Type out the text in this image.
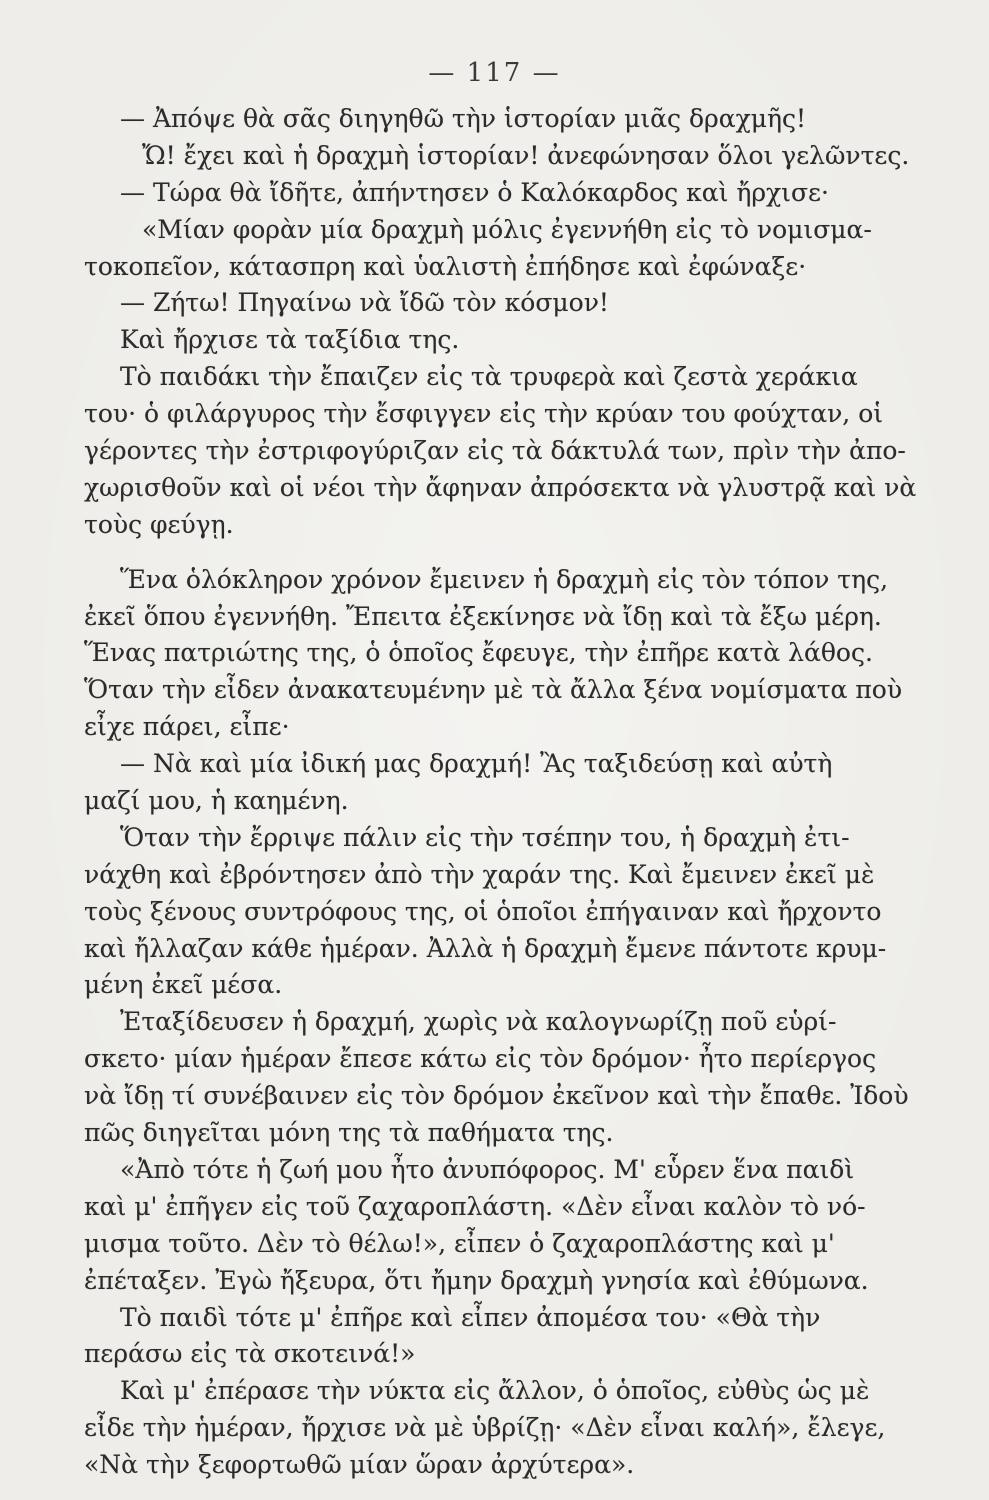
— 117 —
— Ἀπόψε θὰ σᾶς διηγηθῶ τὴν ἱστορίαν μιᾶς δραχμῆς!
Ὤ! ἔχει καὶ ἡ δραχμὴ ἱστορίαν! ἀνεφώνησαν ὅλοι γελῶντες.
— Τώρα θὰ ἴδῆτε, ἀπήντησεν ὁ Καλόκαρδος καὶ ἤρχισε·
«Μίαν φορὰν μία δραχμὴ μόλις ἐγεννήθη εἰς τὸ νομισμα-
τοκοπεῖον, κάτασπρη καὶ ὑαλιστὴ ἐπήδησε καὶ ἐφώναξε·
— Ζήτω! Πηγαίνω νὰ ἴδῶ τὸν κόσμον!
Καὶ ἤρχισε τὰ ταξίδια της.
Τὸ παιδάκι τὴν ἔπαιζεν εἰς τὰ τρυφερὰ καὶ ζεστὰ χεράκια
του· ὁ φιλάργυρος τὴν ἔσφιγγεν εἰς τὴν κρύαν του φούχταν, οἱ
γέροντες τὴν ἐστριφογύριζαν εἰς τὰ δάκτυλά των, πρὶν τὴν ἀπο-
χωρισθοῦν καὶ οἱ νέοι τὴν ἄφηναν ἀπρόσεκτα νὰ γλυστρᾷ καὶ νὰ
τοὺς φεύγῃ.
Ἕνα ὁλόκληρον χρόνον ἔμεινεν ἡ δραχμὴ εἰς τὸν τόπον της,
ἐκεῖ ὅπου ἐγεννήθη. Ἔπειτα ἐξεκίνησε νὰ ἴδῃ καὶ τὰ ἔξω μέρη.
Ἕνας πατριώτης της, ὁ ὁποῖος ἔφευγε, τὴν ἐπῆρε κατὰ λάθος.
Ὅταν τὴν εἶδεν ἀνακατευμένην μὲ τὰ ἄλλα ξένα νομίσματα ποὺ
εἶχε πάρει, εἶπε·
— Νὰ καὶ μία ἰδική μας δραχμή! Ἂς ταξιδεύσῃ καὶ αὐτὴ
μαζί μου, ἡ καημένη.
Ὅταν τὴν ἔρριψε πάλιν εἰς τὴν τσέπην του, ἡ δραχμὴ ἐτι-
νάχθη καὶ ἐβρόντησεν ἀπὸ τὴν χαράν της. Καὶ ἔμεινεν ἐκεῖ μὲ
τοὺς ξένους συντρόφους της, οἱ ὁποῖοι ἐπήγαιναν καὶ ἤρχοντο
καὶ ἤλλαζαν κάθε ἡμέραν. Ἀλλὰ ἡ δραχμὴ ἔμενε πάντοτε κρυμ-
μένη ἐκεῖ μέσα.
Ἐταξίδευσεν ἡ δραχμή, χωρὶς νὰ καλογνωρίζῃ ποῦ εὑρί-
σκετο· μίαν ἡμέραν ἔπεσε κάτω εἰς τὸν δρόμον· ἦτο περίεργος
νὰ ἴδῃ τί συνέβαινεν εἰς τὸν δρόμον ἐκεῖνον καὶ τὴν ἔπαθε. Ἰδοὺ
πῶς διηγεῖται μόνη της τὰ παθήματα της.
«Ἀπὸ τότε ἡ ζωή μου ἦτο ἀνυπόφορος. Μ' εὗρεν ἕνα παιδὶ
καὶ μ' ἐπῆγεν εἰς τοῦ ζαχαροπλάστη. «Δὲν εἶναι καλὸν τὸ νό-
μισμα τοῦτο. Δὲν τὸ θέλω!», εἶπεν ὁ ζαχαροπλάστης καὶ μ'
ἐπέταξεν. Ἐγὼ ἤξευρα, ὅτι ἤμην δραχμὴ γνησία καὶ ἐθύμωνα.
Τὸ παιδὶ τότε μ' ἐπῆρε καὶ εἶπεν ἀπομέσα του· «Θὰ τὴν
περάσω εἰς τὰ σκοτεινά!»
Καὶ μ' ἐπέρασε τὴν νύκτα εἰς ἄλλον, ὁ ὁποῖος, εὐθὺς ὡς μὲ
εἶδε τὴν ἡμέραν, ἤρχισε νὰ μὲ ὑβρίζῃ· «Δὲν εἶναι καλή», ἔλεγε,
«Νὰ τὴν ξεφορτωθῶ μίαν ὥραν ἀρχύτερα».
